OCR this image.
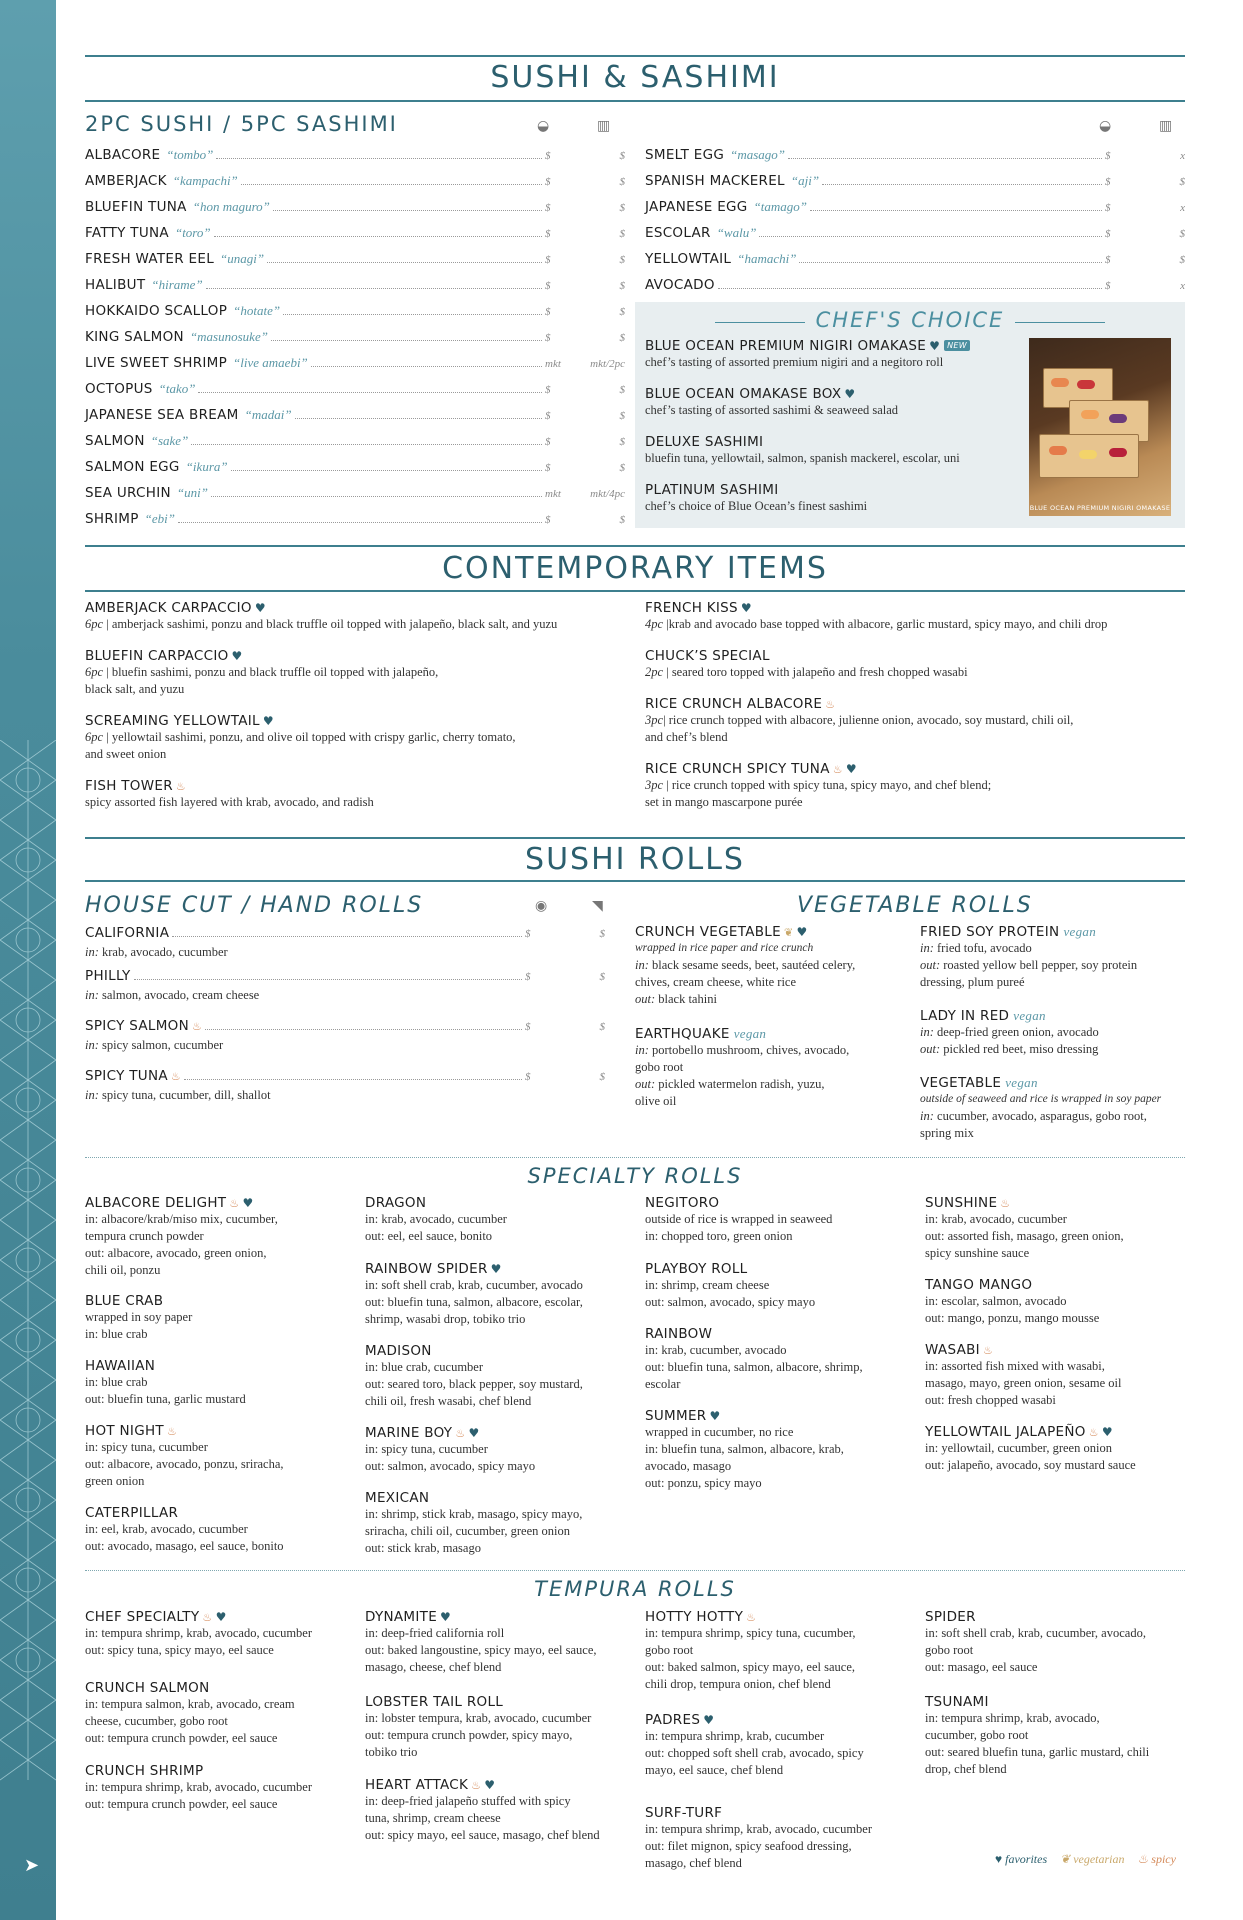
➤
SUSHI & SASHIMI
2PC SUSHI / 5PC SASHIMI	◒	▥	◒	▥
ALBACORE “tombo”	$	$
AMBERJACK “kampachi”	$	$
BLUEFIN TUNA “hon maguro”	$	$
FATTY TUNA “toro”	$	$
FRESH WATER EEL “unagi”	$	$
HALIBUT “hirame”	$	$
HOKKAIDO SCALLOP “hotate”	$	$
KING SALMON “masunosuke”	$	$
LIVE SWEET SHRIMP “live amaebi”	mkt	mkt/2pc
OCTOPUS “tako”	$	$
JAPANESE SEA BREAM “madai”	$	$
SALMON “sake”	$	$
SALMON EGG “ikura”	$	$
SEA URCHIN “uni”	mkt	mkt/4pc
SHRIMP “ebi”	$	$
SMELT EGG “masago”	$	x
SPANISH MACKEREL “aji”	$	$
JAPANESE EGG “tamago”	$	x
ESCOLAR “walu”	$	$
YELLOWTAIL “hamachi”	$	$
AVOCADO	$	x
CHEF'S CHOICE
BLUE OCEAN PREMIUM NIGIRI OMAKASE ♥ NEW
chef’s tasting of assorted premium nigiri and a negitoro roll
BLUE OCEAN OMAKASE BOX ♥
chef’s tasting of assorted sashimi & seaweed salad
DELUXE SASHIMI
bluefin tuna, yellowtail, salmon, spanish mackerel, escolar, uni
PLATINUM SASHIMI
chef’s choice of Blue Ocean’s finest sashimi	BLUE OCEAN PREMIUM NIGIRI OMAKASE
CONTEMPORARY ITEMS
AMBERJACK CARPACCIO ♥
6pc | amberjack sashimi, ponzu and black truffle oil topped with jalapeño, black salt, and yuzu
BLUEFIN CARPACCIO ♥
6pc | bluefin sashimi, ponzu and black truffle oil topped with jalapeño,
black salt, and yuzu
SCREAMING YELLOWTAIL ♥
6pc | yellowtail sashimi, ponzu, and olive oil topped with crispy garlic, cherry tomato,
and sweet onion
FISH TOWER ♨
spicy assorted fish layered with krab, avocado, and radish
FRENCH KISS ♥
4pc |krab and avocado base topped with albacore, garlic mustard, spicy mayo, and chili drop
CHUCK’S SPECIAL
2pc | seared toro topped with jalapeño and fresh chopped wasabi
RICE CRUNCH ALBACORE ♨
3pc| rice crunch topped with albacore, julienne onion, avocado, soy mustard, chili oil,
and chef’s blend
RICE CRUNCH SPICY TUNA ♨ ♥
3pc | rice crunch topped with spicy tuna, spicy mayo, and chef blend;
set in mango mascarpone purée
SUSHI ROLLS
HOUSE CUT / HAND ROLLS	◉	◥	VEGETABLE ROLLS
CALIFORNIA	$	$
in: krab, avocado, cucumber
PHILLY	$	$
in: salmon, avocado, cream cheese
SPICY SALMON ♨	$	$
in: spicy salmon, cucumber
SPICY TUNA ♨	$	$
in: spicy tuna, cucumber, dill, shallot
CRUNCH VEGETABLE ❦ ♥
wrapped in rice paper and rice crunch
in: black sesame seeds, beet, sautéed celery,
chives, cream cheese, white rice
out: black tahini
EARTHQUAKE vegan
in: portobello mushroom, chives, avocado,
gobo root
out: pickled watermelon radish, yuzu,
olive oil
FRIED SOY PROTEIN vegan
in: fried tofu, avocado
out: roasted yellow bell pepper, soy protein
dressing, plum pureé
LADY IN RED vegan
in: deep-fried green onion, avocado
out: pickled red beet, miso dressing
VEGETABLE vegan
outside of seaweed and rice is wrapped in soy paper
in: cucumber, avocado, asparagus, gobo root,
spring mix
SPECIALTY ROLLS
ALBACORE DELIGHT ♨ ♥
in: albacore/krab/miso mix, cucumber,
tempura crunch powder
out: albacore, avocado, green onion,
chili oil, ponzu
BLUE CRAB
wrapped in soy paper
in: blue crab
HAWAIIAN
in: blue crab
out: bluefin tuna, garlic mustard
HOT NIGHT ♨
in: spicy tuna, cucumber
out: albacore, avocado, ponzu, sriracha,
green onion
CATERPILLAR
in: eel, krab, avocado, cucumber
out: avocado, masago, eel sauce, bonito
DRAGON
in: krab, avocado, cucumber
out: eel, eel sauce, bonito
RAINBOW SPIDER ♥
in: soft shell crab, krab, cucumber, avocado
out: bluefin tuna, salmon, albacore, escolar,
shrimp, wasabi drop, tobiko trio
MADISON
in: blue crab, cucumber
out: seared toro, black pepper, soy mustard,
chili oil, fresh wasabi, chef blend
MARINE BOY ♨ ♥
in: spicy tuna, cucumber
out: salmon, avocado, spicy mayo
MEXICAN
in: shrimp, stick krab, masago, spicy mayo,
sriracha, chili oil, cucumber, green onion
out: stick krab, masago
NEGITORO
outside of rice is wrapped in seaweed
in: chopped toro, green onion
PLAYBOY ROLL
in: shrimp, cream cheese
out: salmon, avocado, spicy mayo
RAINBOW
in: krab, cucumber, avocado
out: bluefin tuna, salmon, albacore, shrimp,
escolar
SUMMER ♥
wrapped in cucumber, no rice
in: bluefin tuna, salmon, albacore, krab,
avocado, masago
out: ponzu, spicy mayo
SUNSHINE ♨
in: krab, avocado, cucumber
out: assorted fish, masago, green onion,
spicy sunshine sauce
TANGO MANGO
in: escolar, salmon, avocado
out: mango, ponzu, mango mousse
WASABI ♨
in: assorted fish mixed with wasabi,
masago, mayo, green onion, sesame oil
out: fresh chopped wasabi
YELLOWTAIL JALAPEÑO ♨ ♥
in: yellowtail, cucumber, green onion
out: jalapeño, avocado, soy mustard sauce
TEMPURA ROLLS
CHEF SPECIALTY ♨ ♥
in: tempura shrimp, krab, avocado, cucumber
out: spicy tuna, spicy mayo, eel sauce
CRUNCH SALMON
in: tempura salmon, krab, avocado, cream
cheese, cucumber, gobo root
out: tempura crunch powder, eel sauce
CRUNCH SHRIMP
in: tempura shrimp, krab, avocado, cucumber
out: tempura crunch powder, eel sauce
DYNAMITE ♥
in: deep-fried california roll
out: baked langoustine, spicy mayo, eel sauce,
masago, cheese, chef blend
LOBSTER TAIL ROLL
in: lobster tempura, krab, avocado, cucumber
out: tempura crunch powder, spicy mayo,
tobiko trio
HEART ATTACK ♨ ♥
in: deep-fried jalapeño stuffed with spicy
tuna, shrimp, cream cheese
out: spicy mayo, eel sauce, masago, chef blend
HOTTY HOTTY ♨
in: tempura shrimp, spicy tuna, cucumber,
gobo root
out: baked salmon, spicy mayo, eel sauce,
chili drop, tempura onion, chef blend
PADRES ♥
in: tempura shrimp, krab, cucumber
out: chopped soft shell crab, avocado, spicy
mayo, eel sauce, chef blend
SURF-TURF
in: tempura shrimp, krab, avocado, cucumber
out: filet mignon, spicy seafood dressing,
masago, chef blend
SPIDER
in: soft shell crab, krab, cucumber, avocado,
gobo root
out: masago, eel sauce
TSUNAMI
in: tempura shrimp, krab, avocado,
cucumber, gobo root
out: seared bluefin tuna, garlic mustard, chili
drop, chef blend
♥ favorites ❦ vegetarian ♨ spicy
